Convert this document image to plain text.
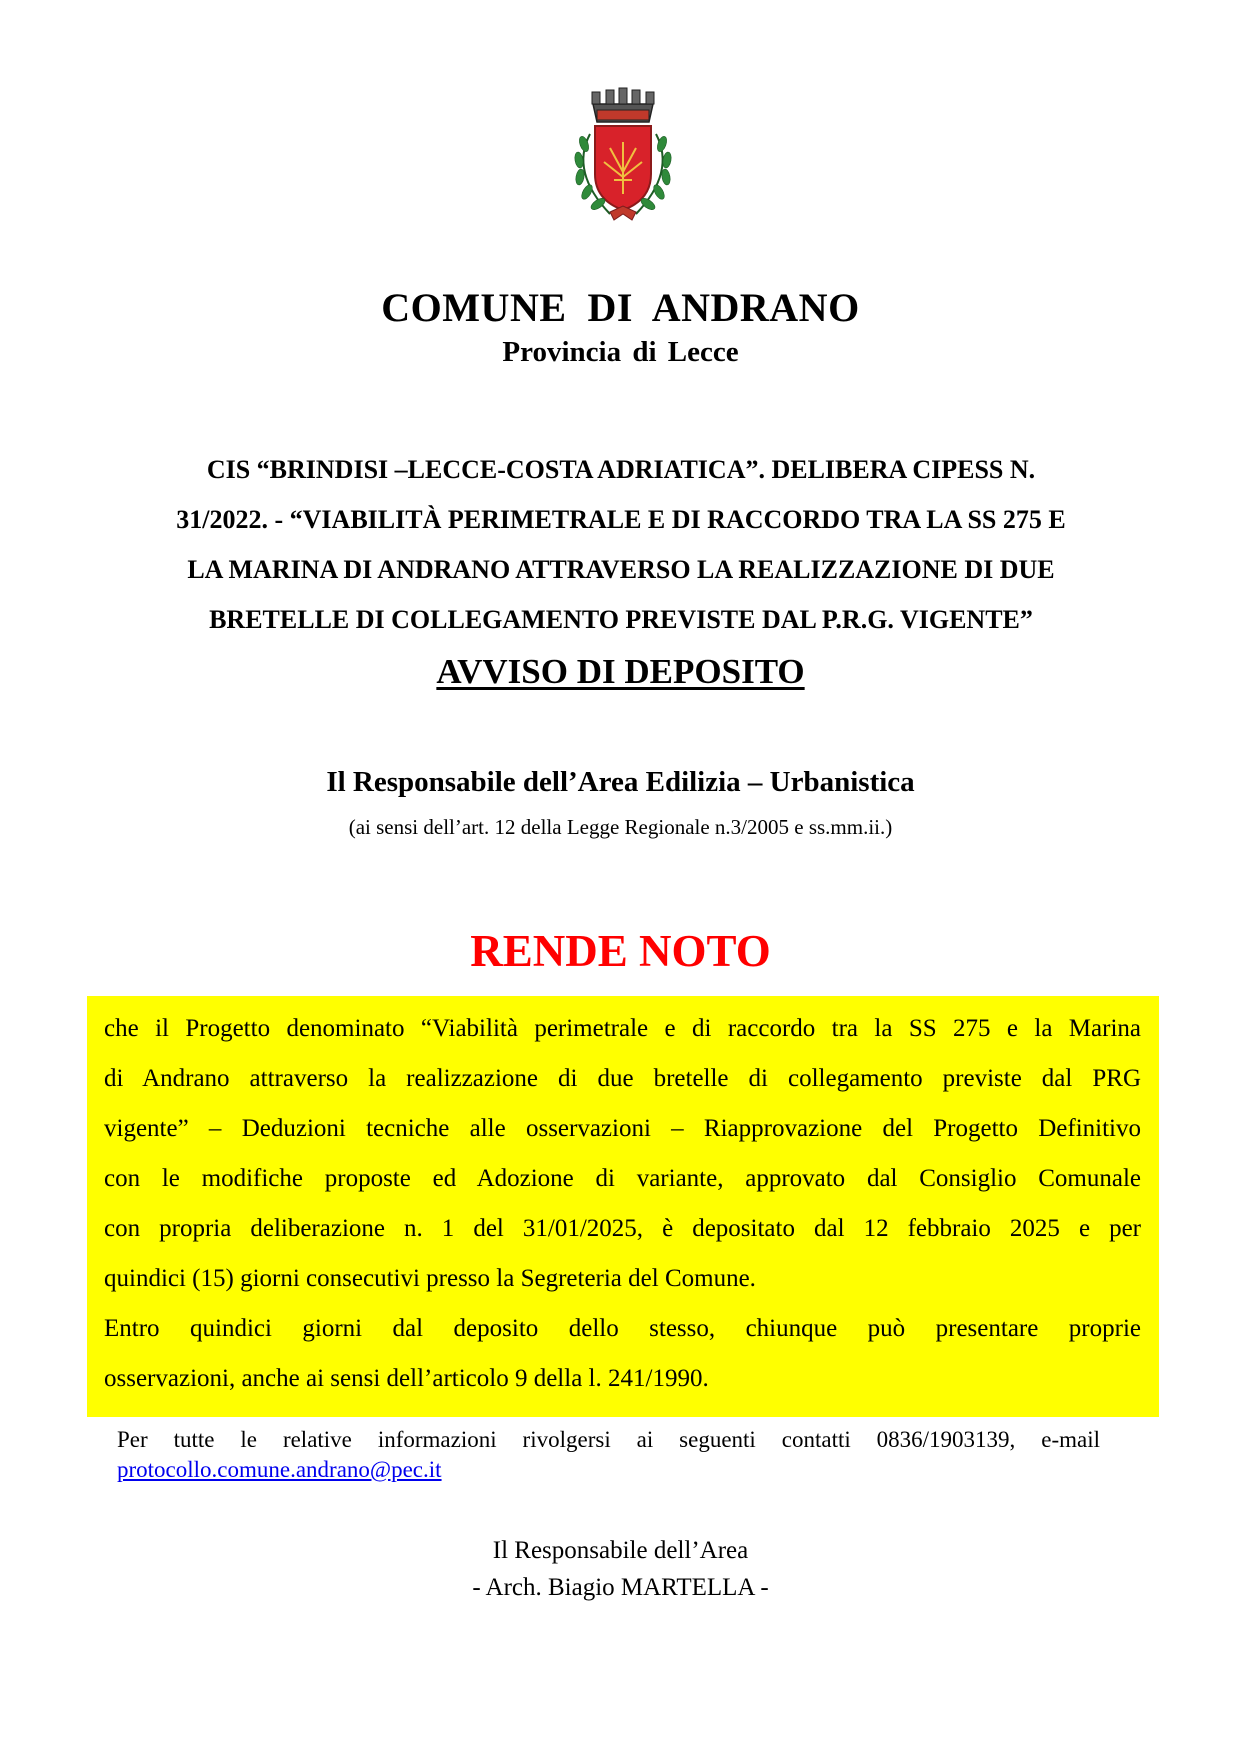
COMUNE  DI  ANDRANO
Provincia di Lecce
CIS “BRINDISI –LECCE-COSTA ADRIATICA”. DELIBERA CIPESS N.
31/2022. - “VIABILITÀ PERIMETRALE E DI RACCORDO TRA LA SS 275 E
LA MARINA DI ANDRANO ATTRAVERSO LA REALIZZAZIONE DI DUE
BRETELLE DI COLLEGAMENTO PREVISTE DAL P.R.G. VIGENTE”
AVVISO DI DEPOSITO
Il Responsabile dell’Area Edilizia – Urbanistica
(ai sensi dell’art. 12 della Legge Regionale n.3/2005 e ss.mm.ii.)
RENDE NOTO
che il Progetto denominato “Viabilità perimetrale e di raccordo tra la SS 275 e la Marina
di Andrano attraverso la realizzazione di due bretelle di collegamento previste dal PRG
vigente” – Deduzioni tecniche alle osservazioni – Riapprovazione del Progetto Definitivo
con le modifiche proposte ed Adozione di variante, approvato dal Consiglio Comunale
con propria deliberazione n. 1 del 31/01/2025, è depositato dal 12 febbraio 2025 e per
quindici (15) giorni consecutivi presso la Segreteria del Comune.
Entro quindici giorni dal deposito dello stesso, chiunque può presentare proprie
osservazioni, anche ai sensi dell’articolo 9 della l. 241/1990.
Per tutte le relative informazioni rivolgersi ai seguenti contatti 0836/1903139, e-mail
protocollo.comune.andrano@pec.it
Il Responsabile dell’Area
- Arch. Biagio MARTELLA -
